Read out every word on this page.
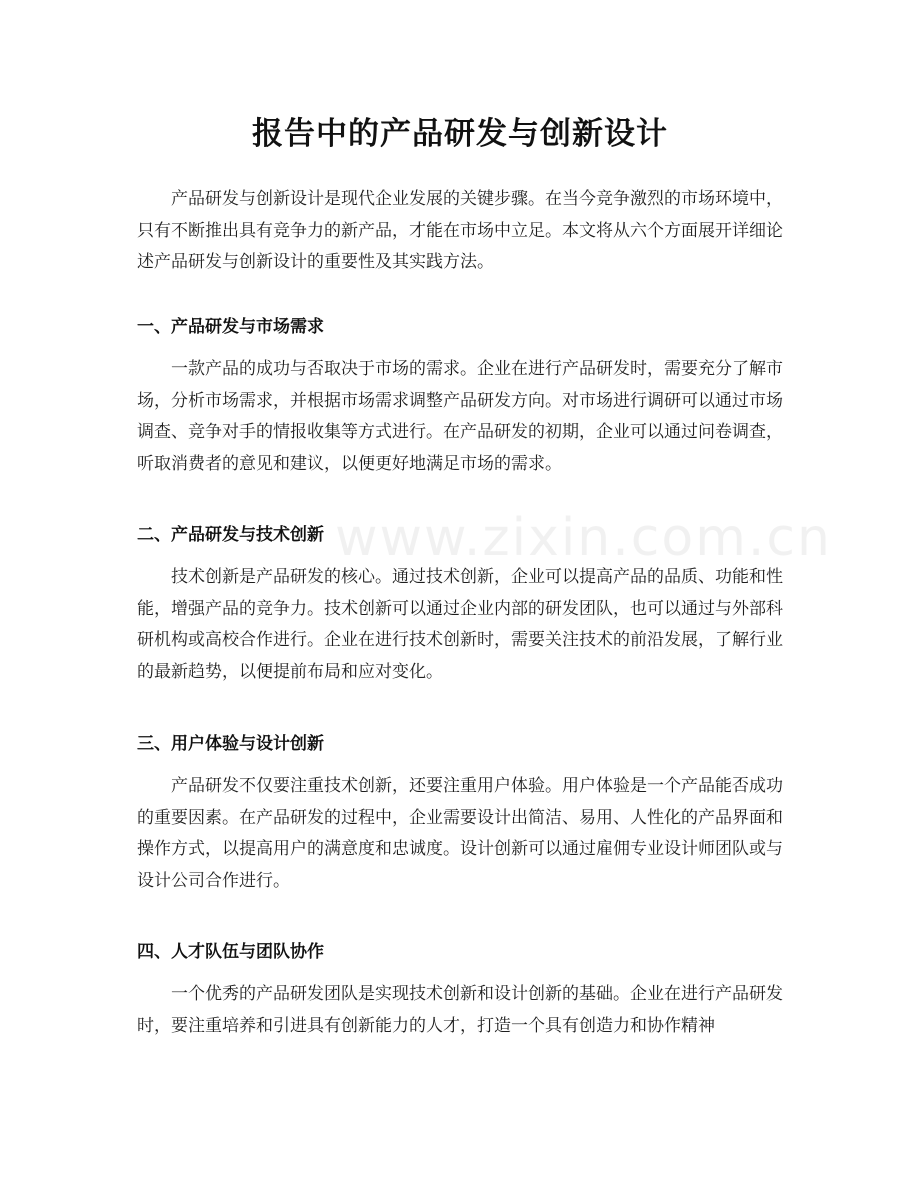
报告中的产品研发与创新设计

产品研发与创新设计是现代企业发展的关键步骤。在当今竞争激烈的市场环境中，只有不断推出具有竞争力的新产品，才能在市场中立足。本文将从六个方面展开详细论述产品研发与创新设计的重要性及其实践方法。

一、产品研发与市场需求

一款产品的成功与否取决于市场的需求。企业在进行产品研发时，需要充分了解市场，分析市场需求，并根据市场需求调整产品研发方向。对市场进行调研可以通过市场调查、竞争对手的情报收集等方式进行。在产品研发的初期，企业可以通过问卷调查，听取消费者的意见和建议，以便更好地满足市场的需求。

二、产品研发与技术创新

技术创新是产品研发的核心。通过技术创新，企业可以提高产品的品质、功能和性能，增强产品的竞争力。技术创新可以通过企业内部的研发团队，也可以通过与外部科研机构或高校合作进行。企业在进行技术创新时，需要关注技术的前沿发展，了解行业的最新趋势，以便提前布局和应对变化。

三、用户体验与设计创新

产品研发不仅要注重技术创新，还要注重用户体验。用户体验是一个产品能否成功的重要因素。在产品研发的过程中，企业需要设计出简洁、易用、人性化的产品界面和操作方式，以提高用户的满意度和忠诚度。设计创新可以通过雇佣专业设计师团队或与设计公司合作进行。

四、人才队伍与团队协作

一个优秀的产品研发团队是实现技术创新和设计创新的基础。企业在进行产品研发时，要注重培养和引进具有创新能力的人才，打造一个具有创造力和协作精神

www.zixin.com.cn
